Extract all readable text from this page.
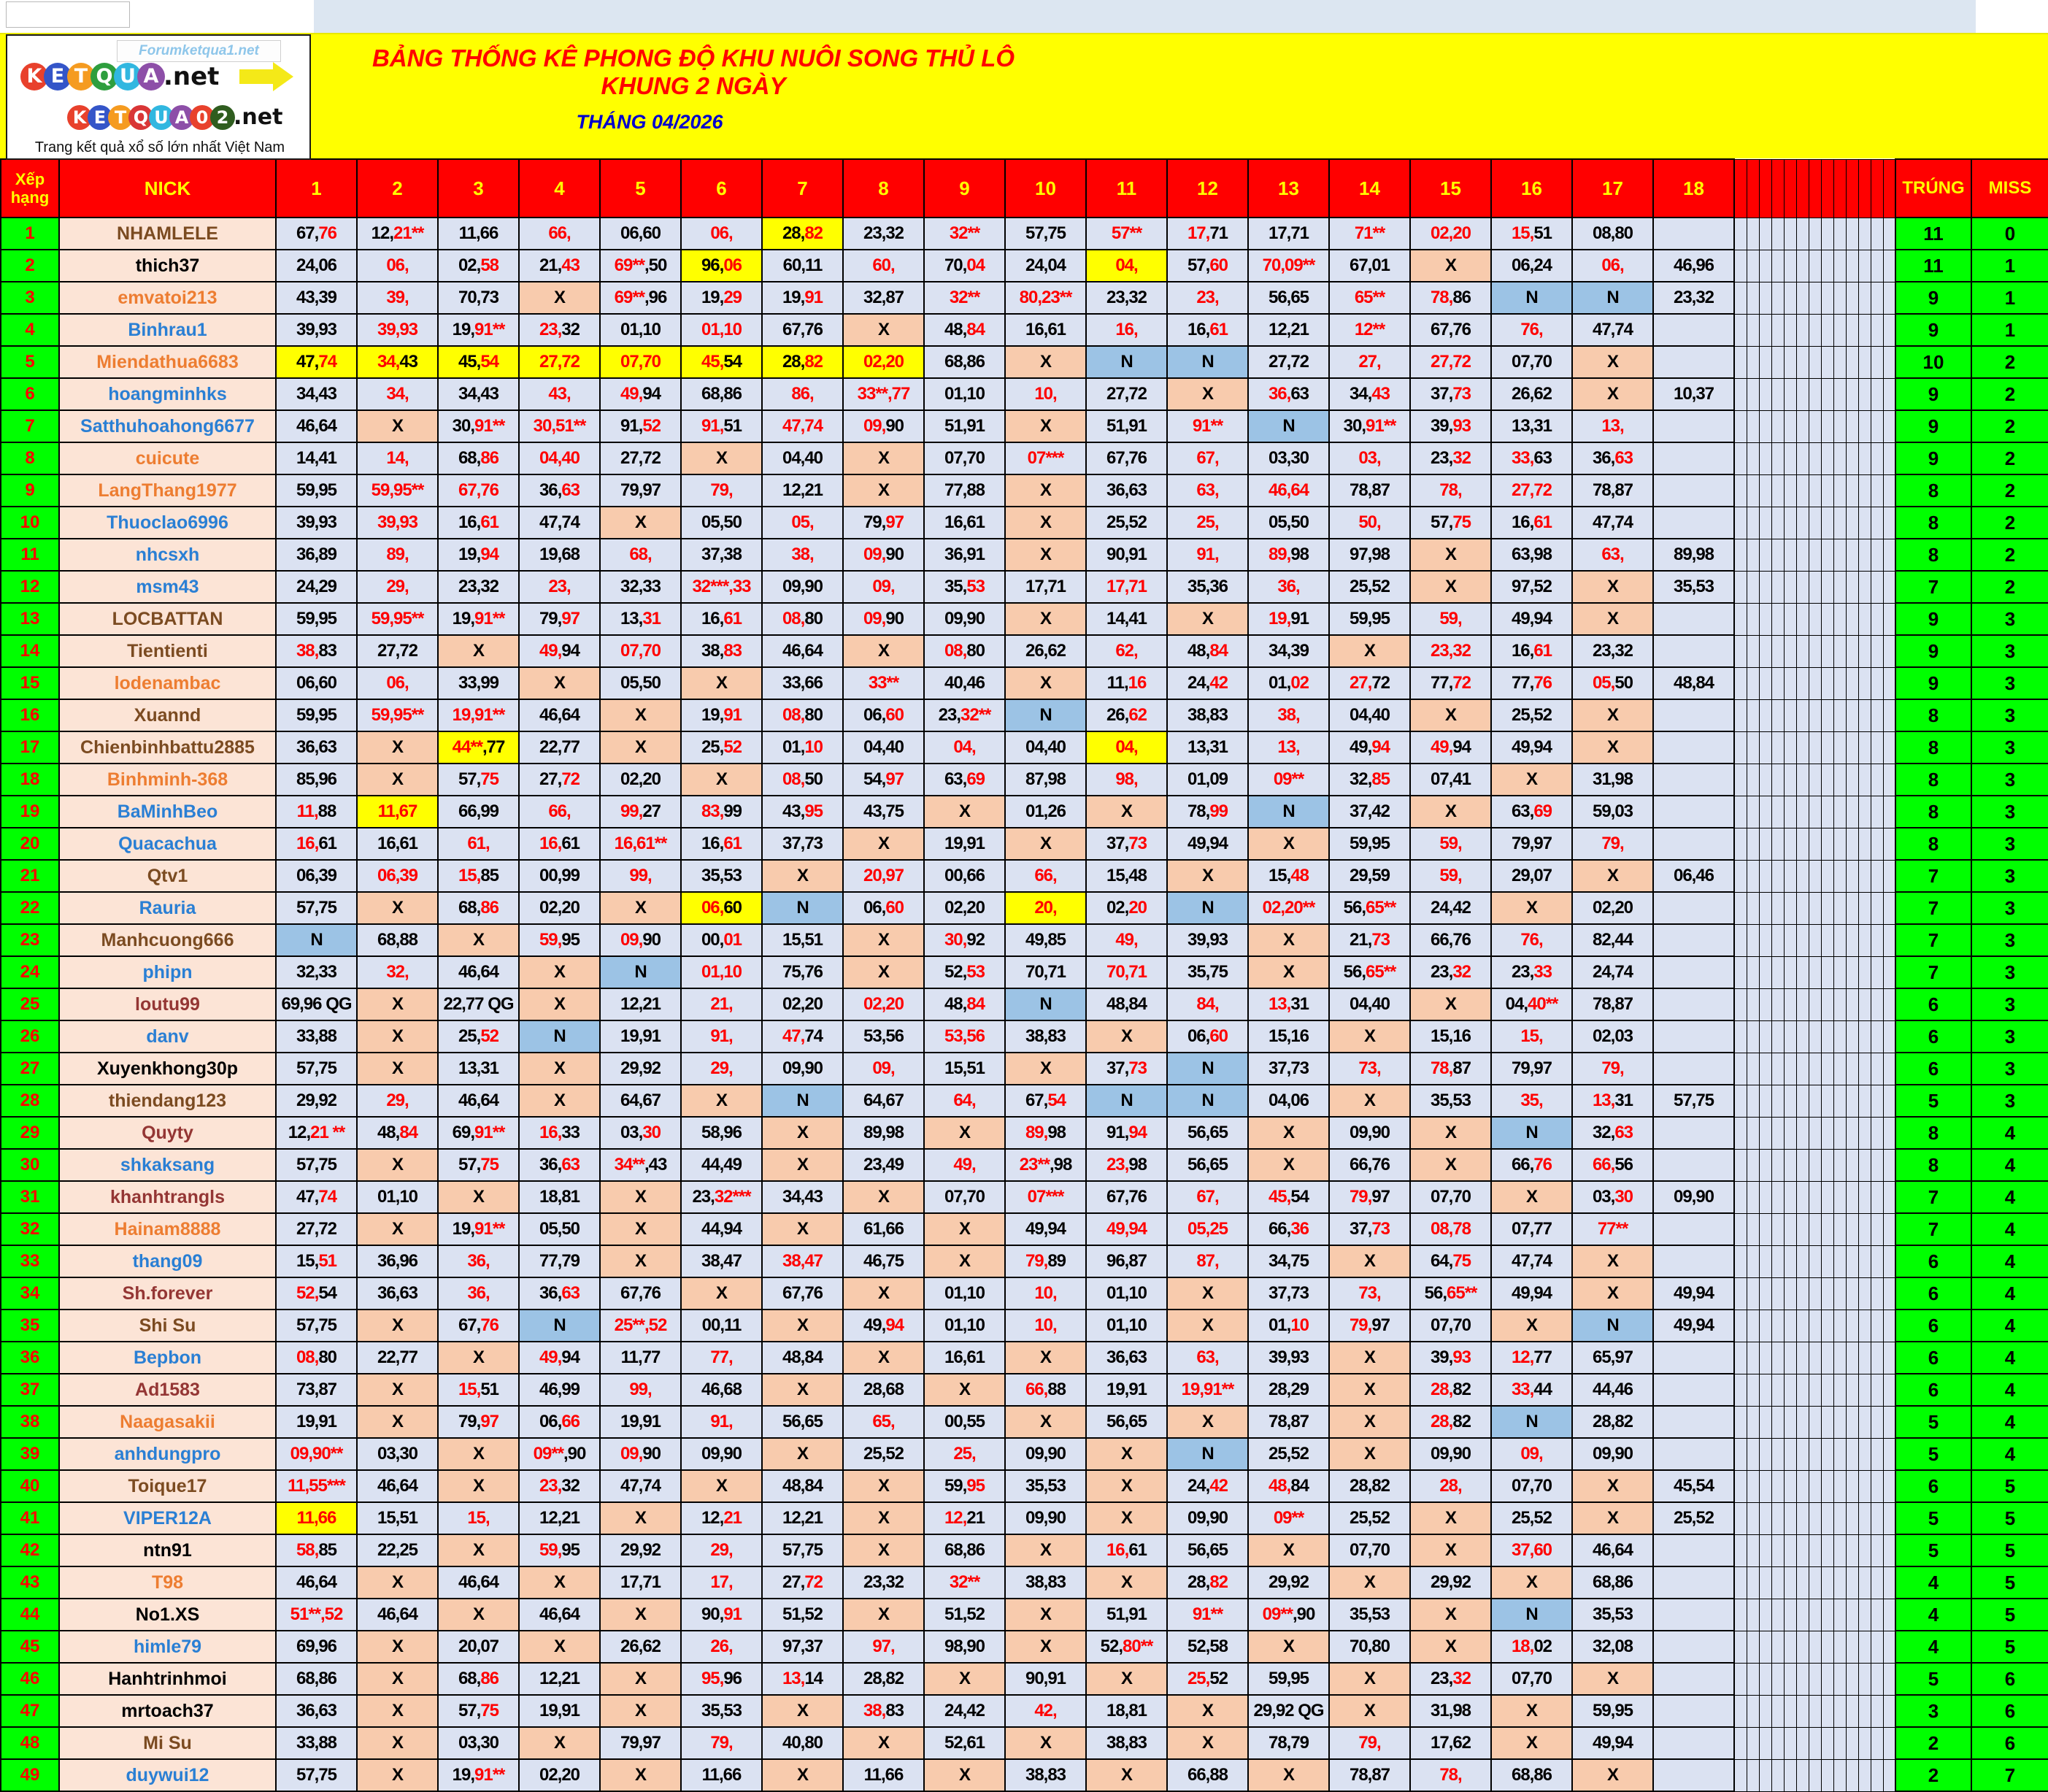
Forumketqua1.net
K E T Q U A .net
K E T Q U A 0 2 .net
Trang kết quả xổ số lớn nhất Việt Nam
BẢNG THỐNG KÊ PHONG ĐỘ KHU NUÔI SONG THỦ LÔ KHUNG 2 NGÀY
THÁNG 04/2026
Xếp hạng	NICK	1	2	3	4	5	6	7	8	9	10	11	12	13	14	15	16	17	18														TRÚNG	MISS
1	NHAMLELE	67,76	12,21**	11,66	66,	06,60	06,	28,82	23,32	32**	57,75	57**	17,71	17,71	71**	02,20	15,51	08,80															11	0
2	thich37	24,06	06,	02,58	21,43	69**,50	96,06	60,11	60,	70,04	24,04	04,	57,60	70,09**	67,01	X	06,24	06,	46,96														11	1
3	emvatoi213	43,39	39,	70,73	X	69**,96	19,29	19,91	32,87	32**	80,23**	23,32	23,	56,65	65**	78,86	N	N	23,32														9	1
4	Binhrau1	39,93	39,93	19,91**	23,32	01,10	01,10	67,76	X	48,84	16,61	16,	16,61	12,21	12**	67,76	76,	47,74															9	1
5	Miendathua6683	47,74	34,43	45,54	27,72	07,70	45,54	28,82	02,20	68,86	X	N	N	27,72	27,	27,72	07,70	X															10	2
6	hoangminhks	34,43	34,	34,43	43,	49,94	68,86	86,	33**,77	01,10	10,	27,72	X	36,63	34,43	37,73	26,62	X	10,37														9	2
7	Satthuhoahong6677	46,64	X	30,91**	30,51**	91,52	91,51	47,74	09,90	51,91	X	51,91	91**	N	30,91**	39,93	13,31	13,															9	2
8	cuicute	14,41	14,	68,86	04,40	27,72	X	04,40	X	07,70	07***	67,76	67,	03,30	03,	23,32	33,63	36,63															9	2
9	LangThang1977	59,95	59,95**	67,76	36,63	79,97	79,	12,21	X	77,88	X	36,63	63,	46,64	78,87	78,	27,72	78,87															8	2
10	Thuoclao6996	39,93	39,93	16,61	47,74	X	05,50	05,	79,97	16,61	X	25,52	25,	05,50	50,	57,75	16,61	47,74															8	2
11	nhcsxh	36,89	89,	19,94	19,68	68,	37,38	38,	09,90	36,91	X	90,91	91,	89,98	97,98	X	63,98	63,	89,98														8	2
12	msm43	24,29	29,	23,32	23,	32,33	32***,33	09,90	09,	35,53	17,71	17,71	35,36	36,	25,52	X	97,52	X	35,53														7	2
13	LOCBATTAN	59,95	59,95**	19,91**	79,97	13,31	16,61	08,80	09,90	09,90	X	14,41	X	19,91	59,95	59,	49,94	X															9	3
14	Tientienti	38,83	27,72	X	49,94	07,70	38,83	46,64	X	08,80	26,62	62,	48,84	34,39	X	23,32	16,61	23,32															9	3
15	lodenambac	06,60	06,	33,99	X	05,50	X	33,66	33**	40,46	X	11,16	24,42	01,02	27,72	77,72	77,76	05,50	48,84														9	3
16	Xuannd	59,95	59,95**	19,91**	46,64	X	19,91	08,80	06,60	23,32**	N	26,62	38,83	38,	04,40	X	25,52	X															8	3
17	Chienbinhbattu2885	36,63	X	44**,77	22,77	X	25,52	01,10	04,40	04,	04,40	04,	13,31	13,	49,94	49,94	49,94	X															8	3
18	Binhminh-368	85,96	X	57,75	27,72	02,20	X	08,50	54,97	63,69	87,98	98,	01,09	09**	32,85	07,41	X	31,98															8	3
19	BaMinhBeo	11,88	11,67	66,99	66,	99,27	83,99	43,95	43,75	X	01,26	X	78,99	N	37,42	X	63,69	59,03															8	3
20	Quacachua	16,61	16,61	61,	16,61	16,61**	16,61	37,73	X	19,91	X	37,73	49,94	X	59,95	59,	79,97	79,															8	3
21	Qtv1	06,39	06,39	15,85	00,99	99,	35,53	X	20,97	00,66	66,	15,48	X	15,48	29,59	59,	29,07	X	06,46														7	3
22	Rauria	57,75	X	68,86	02,20	X	06,60	N	06,60	02,20	20,	02,20	N	02,20**	56,65**	24,42	X	02,20															7	3
23	Manhcuong666	N	68,88	X	59,95	09,90	00,01	15,51	X	30,92	49,85	49,	39,93	X	21,73	66,76	76,	82,44															7	3
24	phipn	32,33	32,	46,64	X	N	01,10	75,76	X	52,53	70,71	70,71	35,75	X	56,65**	23,32	23,33	24,74															7	3
25	loutu99	69,96 QG	X	22,77 QG	X	12,21	21,	02,20	02,20	48,84	N	48,84	84,	13,31	04,40	X	04,40**	78,87															6	3
26	danv	33,88	X	25,52	N	19,91	91,	47,74	53,56	53,56	38,83	X	06,60	15,16	X	15,16	15,	02,03															6	3
27	Xuyenkhong30p	57,75	X	13,31	X	29,92	29,	09,90	09,	15,51	X	37,73	N	37,73	73,	78,87	79,97	79,															6	3
28	thiendang123	29,92	29,	46,64	X	64,67	X	N	64,67	64,	67,54	N	N	04,06	X	35,53	35,	13,31	57,75														5	3
29	Quyty	12,21 **	48,84	69,91**	16,33	03,30	58,96	X	89,98	X	89,98	91,94	56,65	X	09,90	X	N	32,63															8	4
30	shkaksang	57,75	X	57,75	36,63	34**,43	44,49	X	23,49	49,	23**,98	23,98	56,65	X	66,76	X	66,76	66,56															8	4
31	khanhtrangls	47,74	01,10	X	18,81	X	23,32***	34,43	X	07,70	07***	67,76	67,	45,54	79,97	07,70	X	03,30	09,90														7	4
32	Hainam8888	27,72	X	19,91**	05,50	X	44,94	X	61,66	X	49,94	49,94	05,25	66,36	37,73	08,78	07,77	77**															7	4
33	thang09	15,51	36,96	36,	77,79	X	38,47	38,47	46,75	X	79,89	96,87	87,	34,75	X	64,75	47,74	X															6	4
34	Sh.forever	52,54	36,63	36,	36,63	67,76	X	67,76	X	01,10	10,	01,10	X	37,73	73,	56,65**	49,94	X	49,94														6	4
35	Shi Su	57,75	X	67,76	N	25**,52	00,11	X	49,94	01,10	10,	01,10	X	01,10	79,97	07,70	X	N	49,94														6	4
36	Bepbon	08,80	22,77	X	49,94	11,77	77,	48,84	X	16,61	X	36,63	63,	39,93	X	39,93	12,77	65,97															6	4
37	Ad1583	73,87	X	15,51	46,99	99,	46,68	X	28,68	X	66,88	19,91	19,91**	28,29	X	28,82	33,44	44,46															6	4
38	Naagasakii	19,91	X	79,97	06,66	19,91	91,	56,65	65,	00,55	X	56,65	X	78,87	X	28,82	N	28,82															5	4
39	anhdungpro	09,90**	03,30	X	09**,90	09,90	09,90	X	25,52	25,	09,90	X	N	25,52	X	09,90	09,	09,90															5	4
40	Toique17	11,55***	46,64	X	23,32	47,74	X	48,84	X	59,95	35,53	X	24,42	48,84	28,82	28,	07,70	X	45,54														6	5
41	VIPER12A	11,66	15,51	15,	12,21	X	12,21	12,21	X	12,21	09,90	X	09,90	09**	25,52	X	25,52	X	25,52														5	5
42	ntn91	58,85	22,25	X	59,95	29,92	29,	57,75	X	68,86	X	16,61	56,65	X	07,70	X	37,60	46,64															5	5
43	T98	46,64	X	46,64	X	17,71	17,	27,72	23,32	32**	38,83	X	28,82	29,92	X	29,92	X	68,86															4	5
44	No1.XS	51**,52	46,64	X	46,64	X	90,91	51,52	X	51,52	X	51,91	91**	09**,90	35,53	X	N	35,53															4	5
45	himle79	69,96	X	20,07	X	26,62	26,	97,37	97,	98,90	X	52,80**	52,58	X	70,80	X	18,02	32,08															4	5
46	Hanhtrinhmoi	68,86	X	68,86	12,21	X	95,96	13,14	28,82	X	90,91	X	25,52	59,95	X	23,32	07,70	X															5	6
47	mrtoach37	36,63	X	57,75	19,91	X	35,53	X	38,83	24,42	42,	18,81	X	29,92 QG	X	31,98	X	59,95															3	6
48	Mi Su	33,88	X	03,30	X	79,97	79,	40,80	X	52,61	X	38,83	X	78,79	79,	17,62	X	49,94															2	6
49	duywui12	57,75	X	19,91**	02,20	X	11,66	X	11,66	X	38,83	X	66,88	X	78,87	78,	68,86	X															2	7
